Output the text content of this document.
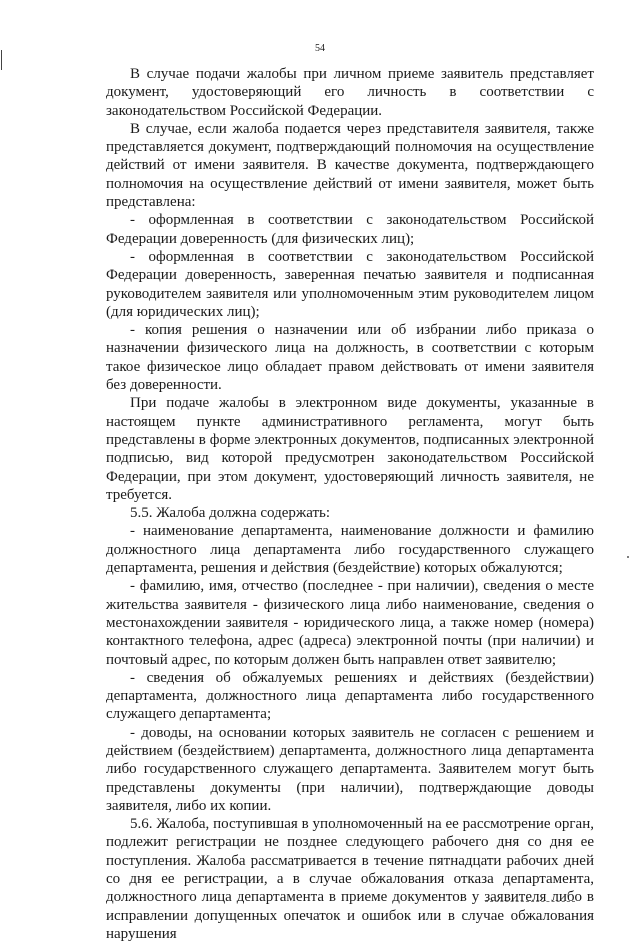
54

В случае подачи жалобы при личном приеме заявитель представляет документ, удостоверяющий его личность в соответствии с законодательством Российской Федерации.

В случае, если жалоба подается через представителя заявителя, также представляется документ, подтверждающий полномочия на осуществление действий от имени заявителя. В качестве документа, подтверждающего полномочия на осуществление действий от имени заявителя, может быть представлена:

- оформленная в соответствии с законодательством Российской Федерации доверенность (для физических лиц);

- оформленная в соответствии с законодательством Российской Федерации доверенность, заверенная печатью заявителя и подписанная руководителем заявителя или уполномоченным этим руководителем лицом (для юридических лиц);

- копия решения о назначении или об избрании либо приказа о назначении физического лица на должность, в соответствии с которым такое физическое лицо обладает правом действовать от имени заявителя без доверенности.

При подаче жалобы в электронном виде документы, указанные в настоящем пункте административного регламента, могут быть представлены в форме электронных документов, подписанных электронной подписью, вид которой предусмотрен законодательством Российской Федерации, при этом документ, удостоверяющий личность заявителя, не требуется.

5.5. Жалоба должна содержать:

- наименование департамента, наименование должности и фамилию должностного лица департамента либо государственного служащего департамента, решения и действия (бездействие) которых обжалуются;

- фамилию, имя, отчество (последнее - при наличии), сведения о месте жительства заявителя - физического лица либо наименование, сведения о местонахождении заявителя - юридического лица, а также номер (номера) контактного телефона, адрес (адреса) электронной почты (при наличии) и почтовый адрес, по которым должен быть направлен ответ заявителю;

- сведения об обжалуемых решениях и действиях (бездействии) департамента, должностного лица департамента либо государственного служащего департамента;

- доводы, на основании которых заявитель не согласен с решением и действием (бездействием) департамента, должностного лица департамента либо государственного служащего департамента. Заявителем могут быть представлены документы (при наличии), подтверждающие доводы заявителя, либо их копии.

5.6. Жалоба, поступившая в уполномоченный на ее рассмотрение орган, подлежит регистрации не позднее следующего рабочего дня со дня ее поступления. Жалоба рассматривается в течение пятнадцати рабочих дней со дня ее регистрации, а в случае обжалования отказа департамента, должностного лица департамента в приеме документов у заявителя либо в исправлении допущенных опечаток и ошибок или в случае обжалования нарушения
